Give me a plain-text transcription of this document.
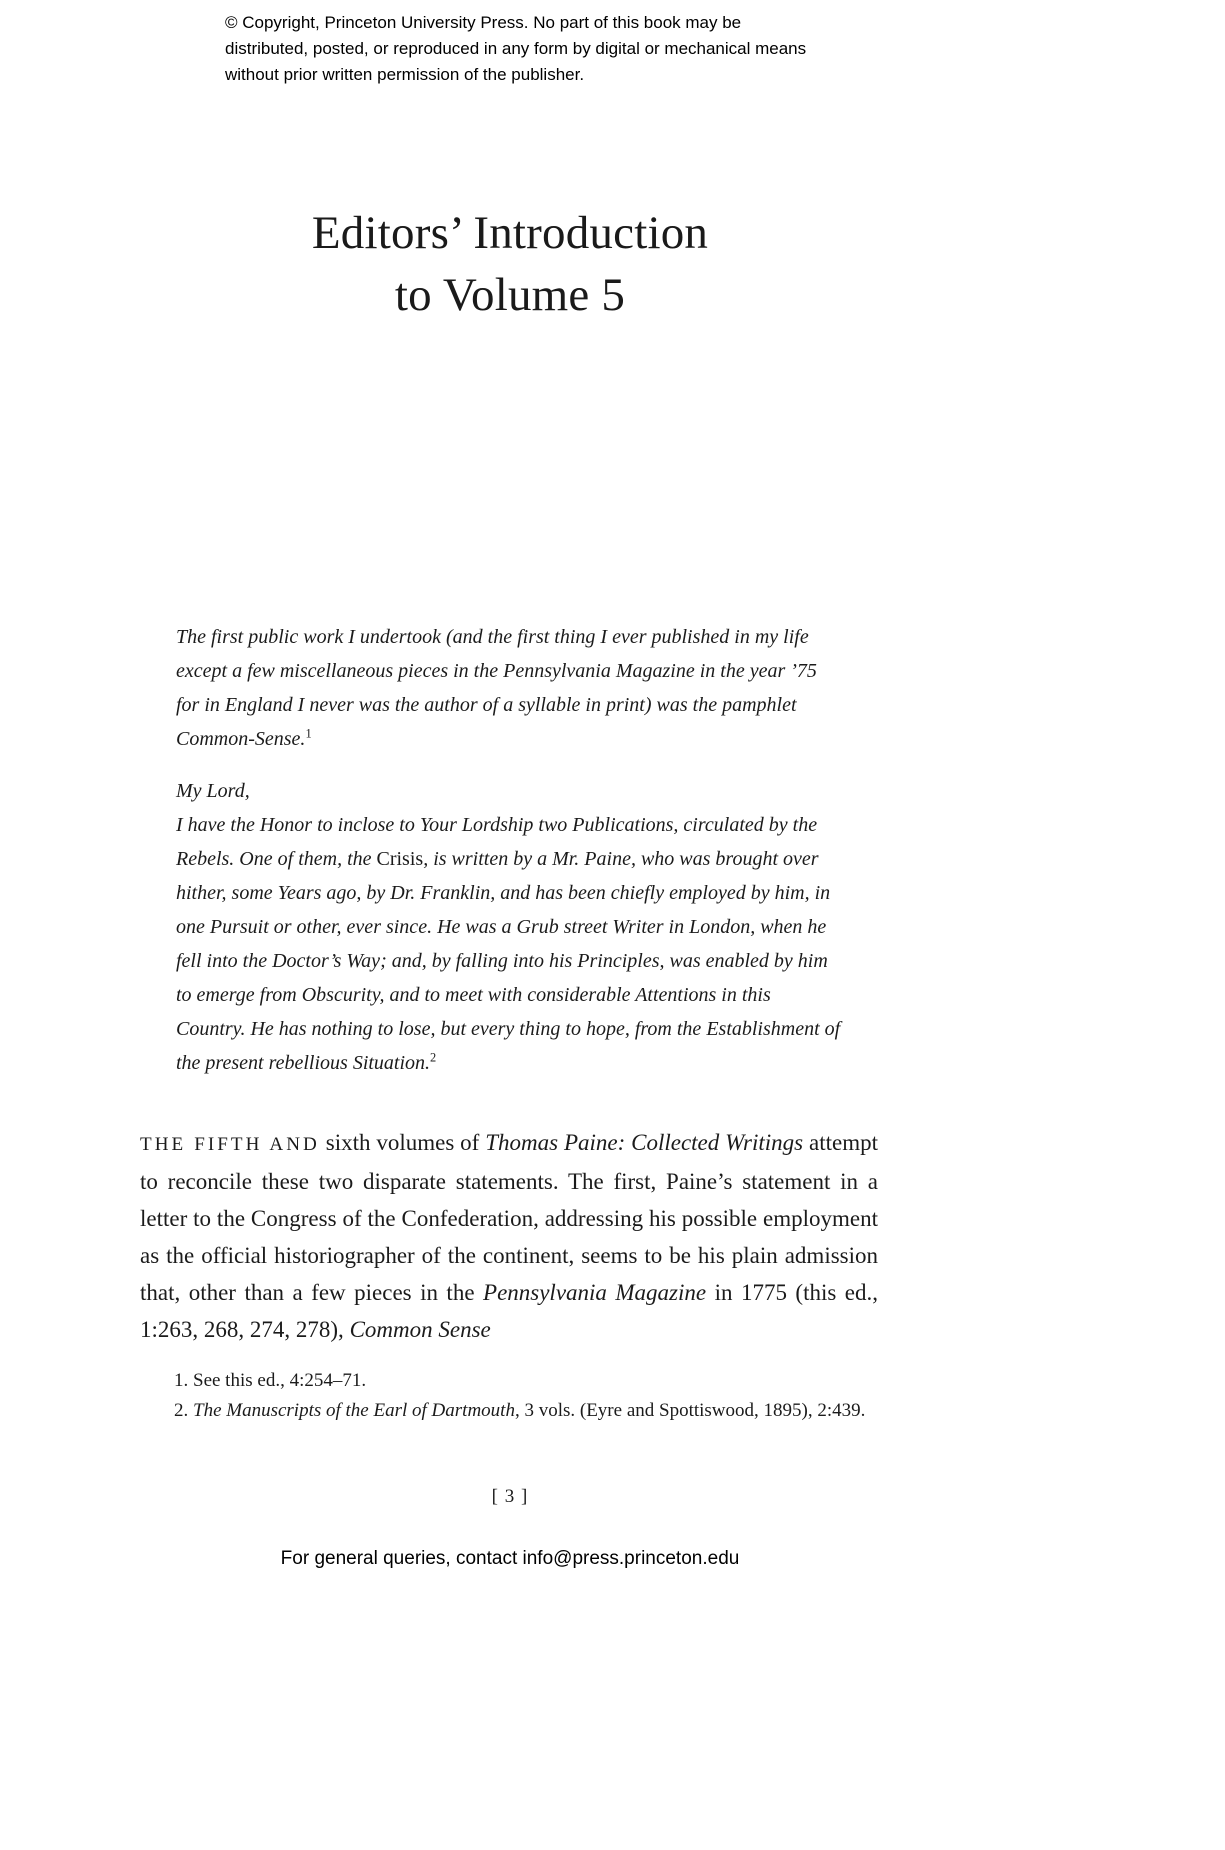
© Copyright, Princeton University Press. No part of this book may be distributed, posted, or reproduced in any form by digital or mechanical means without prior written permission of the publisher.
Editors’ Introduction
to Volume 5

The first public work I undertook (and the first thing I ever published in my life except a few miscellaneous pieces in the Pennsylvania Magazine in the year ’75 for in England I never was the author of a syllable in print) was the pamphlet Common-Sense.$^1$

My Lord,

I have the Honor to inclose to Your Lordship two Publications, circulated by the Rebels. One of them, the Crisis, is written by a Mr. Paine, who was brought over hither, some Years ago, by Dr. Franklin, and has been chiefly employed by him, in one Pursuit or other, ever since. He was a Grub street Writer in London, when he fell into the Doctor’s Way; and, by falling into his Principles, was enabled by him to emerge from Obscurity, and to meet with considerable Attentions in this Country. He has nothing to lose, but every thing to hope, from the Establishment of the present rebellious Situation.$^2$

THE FIFTH AND sixth volumes of Thomas Paine: Collected Writings attempt to reconcile these two disparate statements. The first, Paine’s statement in a letter to the Congress of the Confederation, addressing his possible employment as the official historiographer of the continent, seems to be his plain admission that, other than a few pieces in the Pennsylvania Magazine in 1775 (this ed., 1:263, 268, 274, 278), Common Sense

1. See this ed., 4:254–71.

2. The Manuscripts of the Earl of Dartmouth, 3 vols. (Eyre and Spottiswood, 1895), 2:439.

[ 3 ]
For general queries, contact info@press.princeton.edu
